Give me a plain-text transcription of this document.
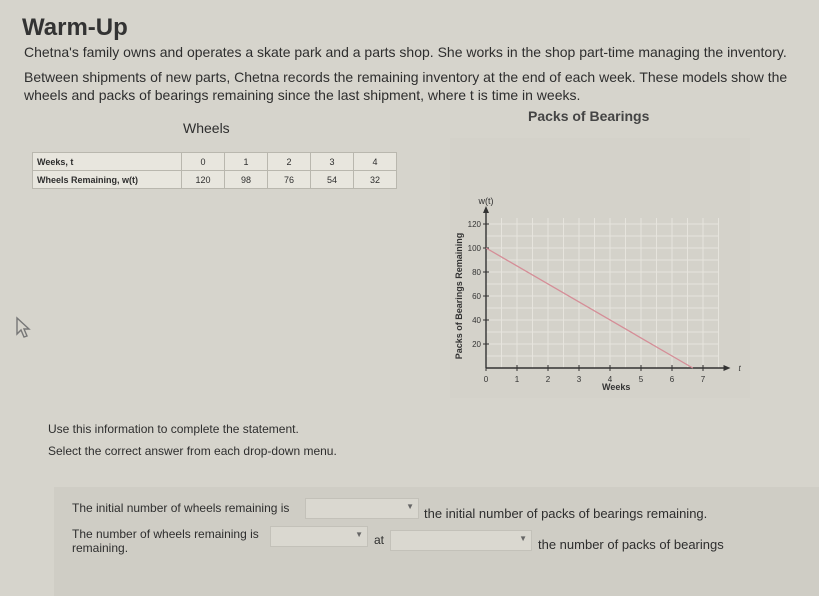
Warm-Up
Chetna's family owns and operates a skate park and a parts shop. She works in the shop part-time managing the inventory.
Between shipments of new parts, Chetna records the remaining inventory at the end of each week. These models show the wheels and packs of bearings remaining since the last shipment, where t is time in weeks.
Wheels
Packs of Bearings
Weeks, t	0	1	2	3	4
Wheels Remaining, w(t)	120	98	76	54	32
0	1	2	3	4	5	6	7
20
40
60
80
100
120
w(t)
t
Weeks
Packs of Bearings Remaining
Use this information to complete the statement.
Select the correct answer from each drop-down menu.
The initial number of wheels remaining is	▼ the initial number of packs of bearings remaining.
The number of wheels remaining is
remaining.
▼ at	▼ the number of packs of bearings
